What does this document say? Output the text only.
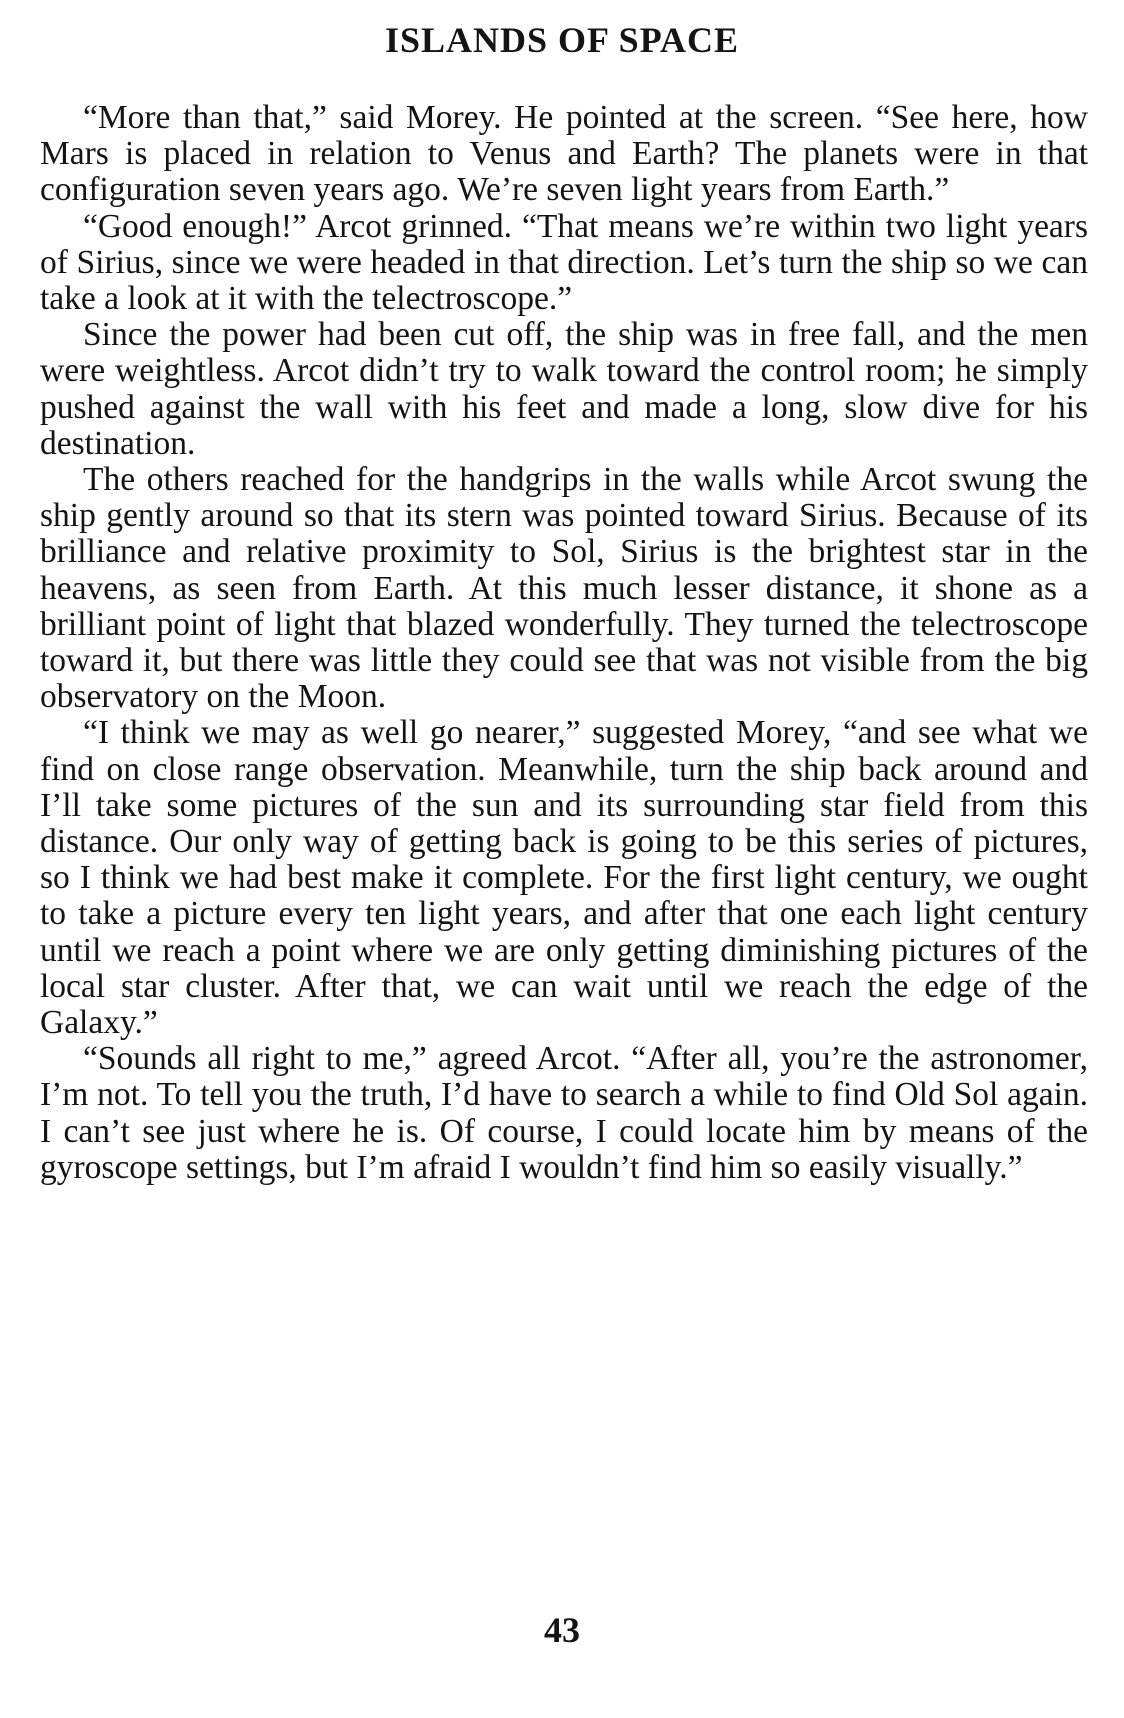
ISLANDS OF SPACE

“More than that,” said Morey. He pointed at the screen. “See here, how Mars is placed in relation to Venus and Earth? The planets were in that configuration seven years ago. We’re seven light years from Earth.”

“Good enough!” Arcot grinned. “That means we’re within two light years of Sirius, since we were headed in that direction. Let’s turn the ship so we can take a look at it with the telectroscope.”

Since the power had been cut off, the ship was in free fall, and the men were weightless. Arcot didn’t try to walk toward the control room; he simply pushed against the wall with his feet and made a long, slow dive for his destination.

The others reached for the handgrips in the walls while Arcot swung the ship gently around so that its stern was pointed toward Sirius. Because of its brilliance and relative proximity to Sol, Sirius is the brightest star in the heavens, as seen from Earth. At this much lesser distance, it shone as a brilliant point of light that blazed wonderfully. They turned the telectroscope toward it, but there was little they could see that was not visible from the big observatory on the Moon.

“I think we may as well go nearer,” suggested Morey, “and see what we find on close range observation. Meanwhile, turn the ship back around and I’ll take some pictures of the sun and its surrounding star field from this distance. Our only way of getting back is going to be this series of pictures, so I think we had best make it complete. For the first light century, we ought to take a picture every ten light years, and after that one each light century until we reach a point where we are only getting diminishing pictures of the local star cluster. After that, we can wait until we reach the edge of the Galaxy.”

“Sounds all right to me,” agreed Arcot. “After all, you’re the astronomer, I’m not. To tell you the truth, I’d have to search a while to find Old Sol again. I can’t see just where he is. Of course, I could locate him by means of the gyroscope settings, but I’m afraid I wouldn’t find him so easily visually.”

43
